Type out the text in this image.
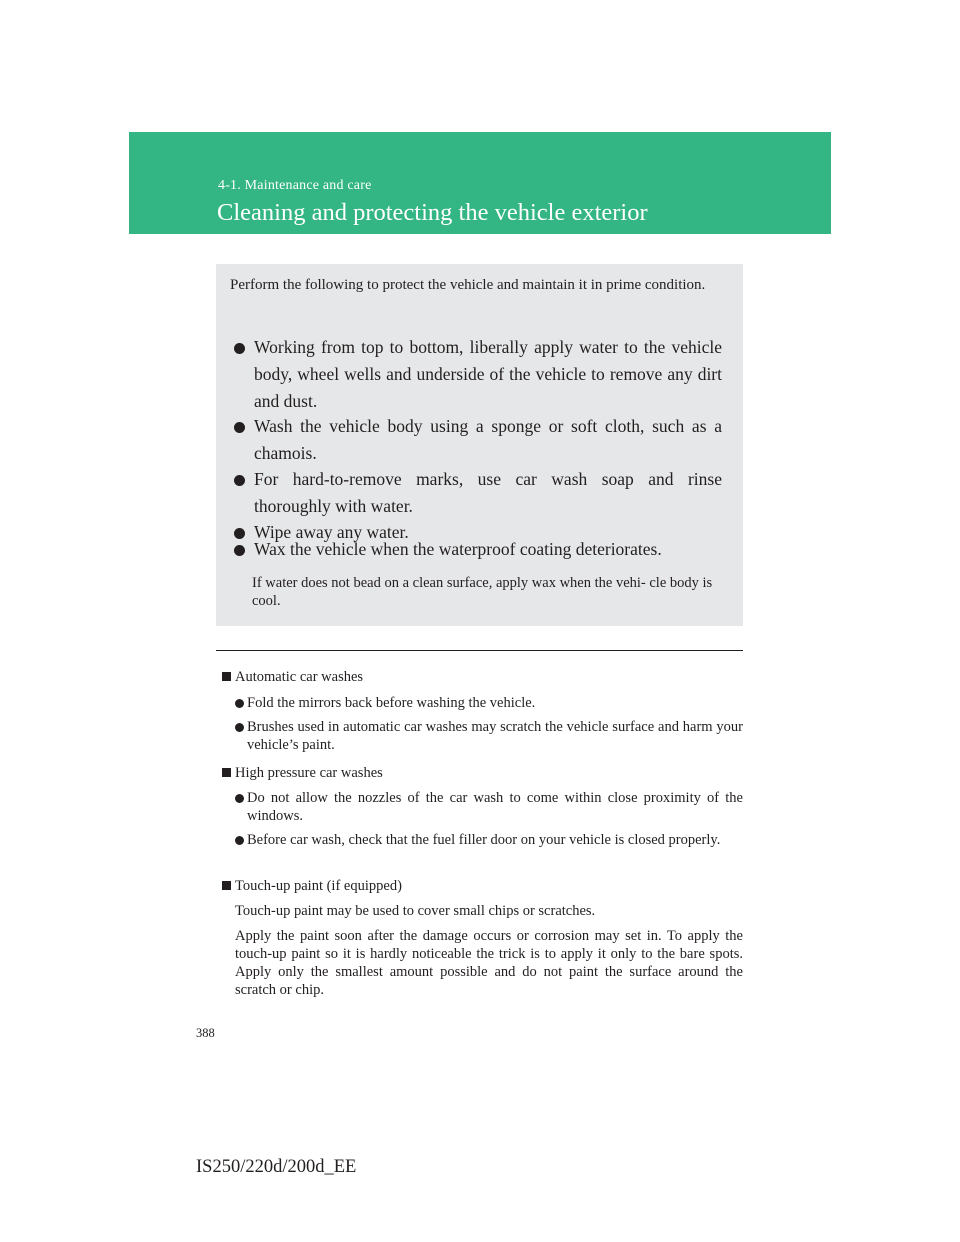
4-1. Maintenance and care
Cleaning and protecting the vehicle exterior
Perform the following to protect the vehicle and maintain it in prime condition.
Working from top to bottom, liberally apply water to the vehicle body, wheel wells and underside of the vehicle to remove any dirt and dust.
Wash the vehicle body using a sponge or soft cloth, such as a chamois.
For hard-to-remove marks, use car wash soap and rinse thoroughly with water.
Wipe away any water.
If water does not bead on a clean surface, apply wax when the vehi- cle body is cool.
Wax the vehicle when the waterproof coating deteriorates.
Automatic car washes
Fold the mirrors back before washing the vehicle.
Brushes used in automatic car washes may scratch the vehicle surface and harm your vehicle’s paint.
High pressure car washes
Do not allow the nozzles of the car wash to come within close proximity of the windows.
Before car wash, check that the fuel filler door on your vehicle is closed properly.
Touch-up paint (if equipped)
Touch-up paint may be used to cover small chips or scratches.
Apply the paint soon after the damage occurs or corrosion may set in. To apply the touch-up paint so it is hardly noticeable the trick is to apply it only to the bare spots. Apply only the smallest amount possible and do not paint the surface around the scratch or chip.
388
IS250/220d/200d_EE
